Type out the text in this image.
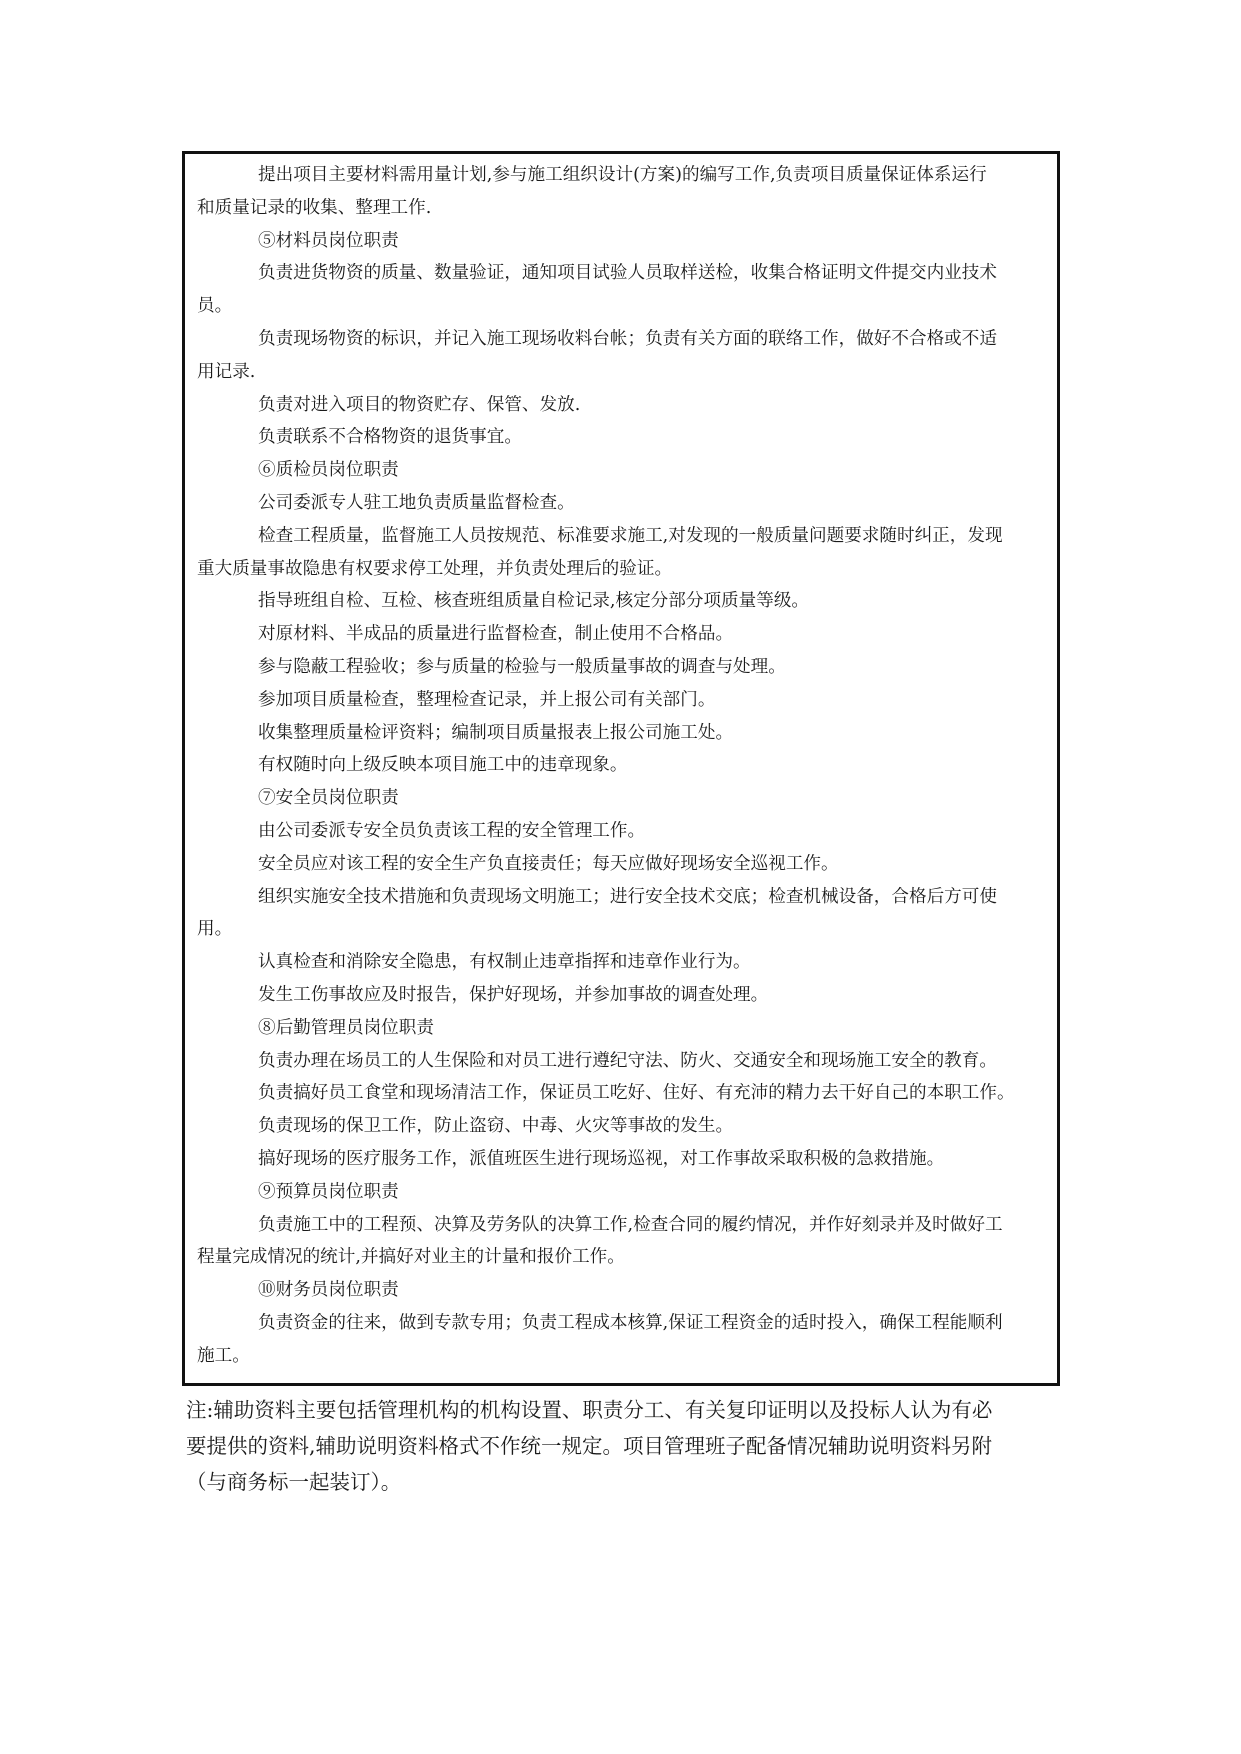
提出项目主要材料需用量计划,参与施工组织设计(方案)的编写工作,负责项目质量保证体系运行
和质量记录的收集、整理工作.
⑤材料员岗位职责
负责进货物资的质量、数量验证，通知项目试验人员取样送检，收集合格证明文件提交内业技术
员。
负责现场物资的标识，并记入施工现场收料台帐；负责有关方面的联络工作，做好不合格或不适
用记录.
负责对进入项目的物资贮存、保管、发放.
负责联系不合格物资的退货事宜。
⑥质检员岗位职责
公司委派专人驻工地负责质量监督检查。
检查工程质量，监督施工人员按规范、标准要求施工,对发现的一般质量问题要求随时纠正，发现
重大质量事故隐患有权要求停工处理，并负责处理后的验证。
指导班组自检、互检、核查班组质量自检记录,核定分部分项质量等级。
对原材料、半成品的质量进行监督检查，制止使用不合格品。
参与隐蔽工程验收；参与质量的检验与一般质量事故的调查与处理。
参加项目质量检查，整理检查记录，并上报公司有关部门。
收集整理质量检评资料；编制项目质量报表上报公司施工处。
有权随时向上级反映本项目施工中的违章现象。
⑦安全员岗位职责
由公司委派专安全员负责该工程的安全管理工作。
安全员应对该工程的安全生产负直接责任；每天应做好现场安全巡视工作。
组织实施安全技术措施和负责现场文明施工；进行安全技术交底；检查机械设备，合格后方可使
用。
认真检查和消除安全隐患，有权制止违章指挥和违章作业行为。
发生工伤事故应及时报告，保护好现场，并参加事故的调查处理。
⑧后勤管理员岗位职责
负责办理在场员工的人生保险和对员工进行遵纪守法、防火、交通安全和现场施工安全的教育。
负责搞好员工食堂和现场清洁工作，保证员工吃好、住好、有充沛的精力去干好自己的本职工作。
负责现场的保卫工作，防止盗窃、中毒、火灾等事故的发生。
搞好现场的医疗服务工作，派值班医生进行现场巡视，对工作事故采取积极的急救措施。
⑨预算员岗位职责
负责施工中的工程预、决算及劳务队的决算工作,检查合同的履约情况，并作好刻录并及时做好工
程量完成情况的统计,并搞好对业主的计量和报价工作。
⑩财务员岗位职责
负责资金的往来，做到专款专用；负责工程成本核算,保证工程资金的适时投入，确保工程能顺利
施工。
注:辅助资料主要包括管理机构的机构设置、职责分工、有关复印证明以及投标人认为有必
要提供的资料,辅助说明资料格式不作统一规定。项目管理班子配备情况辅助说明资料另附
（与商务标一起装订）。
